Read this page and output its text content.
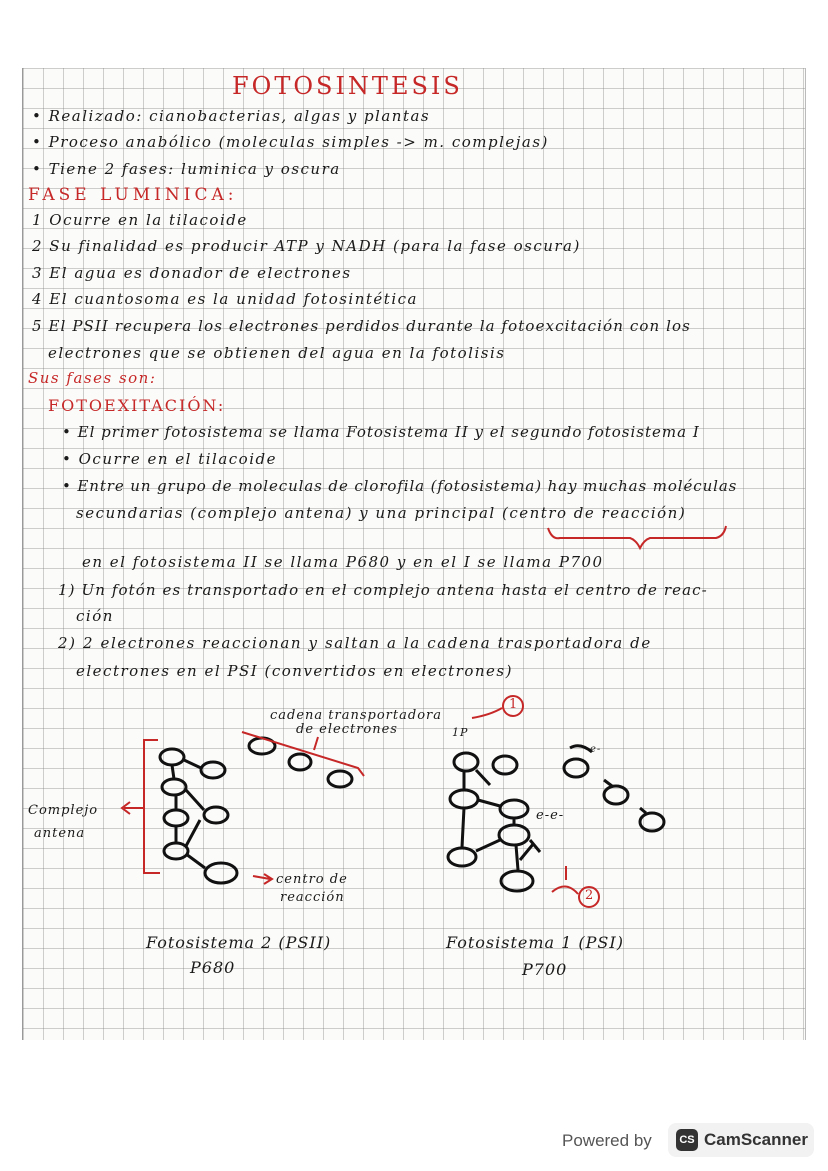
FOTOSINTESIS
• Realizado: cianobacterias, algas y plantas
• Proceso anabólico (moleculas simples -> m. complejas)
• Tiene 2 fases: luminica y oscura
FASE LUMINICA:
1 Ocurre en la tilacoide
2 Su finalidad es producir ATP y NADH (para la fase oscura)
3 El agua es donador de electrones
4 El cuantosoma es la unidad fotosintética
5 El PSII recupera los electrones perdidos durante la fotoexcitación con los
electrones que se obtienen del agua en la fotolisis
Sus fases son:
FOTOEXITACIÓN:
• El primer fotosistema se llama Fotosistema II y el segundo fotosistema I
• Ocurre en el tilacoide
• Entre un grupo de moleculas de clorofila (fotosistema) hay muchas moléculas
secundarias (complejo antena) y una principal (centro de reacción)
en el fotosistema II se llama P680 y en el I se llama P700
1) Un fotón es transportado en el complejo antena hasta el centro de reac-
ción
2) 2 electrones reaccionan y saltan a la cadena trasportadora de
electrones en el PSI (convertidos en electrones)
cadena transportadora
de electrones
Complejo
antena
centro de
reacción
1
2
1P
e-e-
e-
Fotosistema 2 (PSII)
P680
Fotosistema 1 (PSI)
P700
Powered by	CS CamScanner
